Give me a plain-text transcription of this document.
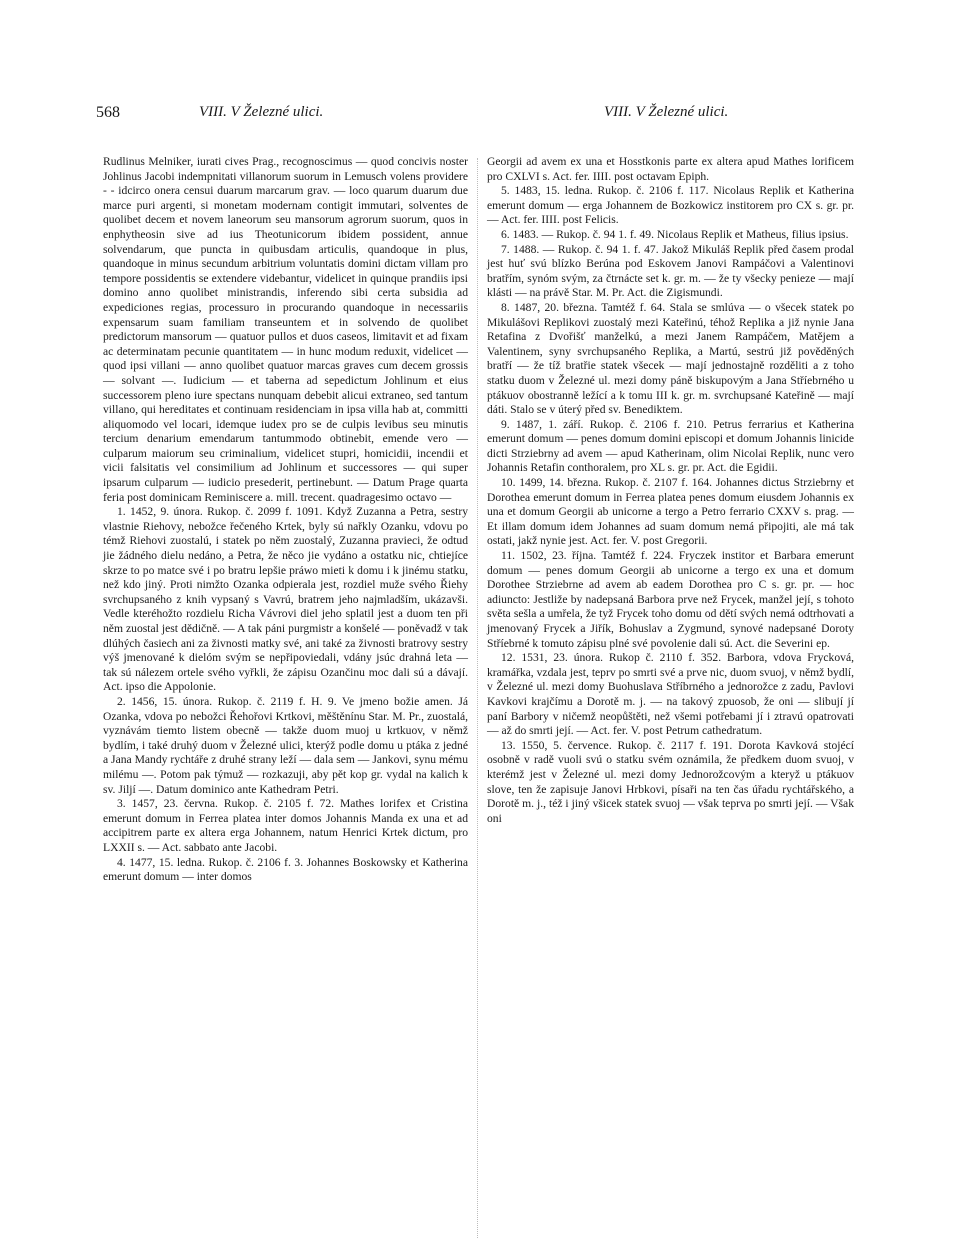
568	VIII. V Železné ulici.	VIII. V Železné ulici.

Rudlinus Melniker, iurati cives Prag., recognoscimus — quod concivis noster Johlinus Jacobi indempnitati villanorum suorum in Lemusch volens providere - - idcirco onera censui duarum marcarum grav. — loco quarum duarum due marce puri argenti, si monetam modernam contigit immutari, solventes de quolibet decem et novem laneorum seu mansorum agrorum suorum, quos in enphytheosin sive ad ius Theotunicorum ibidem possident, annue solvendarum, que puncta in quibusdam articulis, quandoque in plus, quandoque in minus secundum arbitrium voluntatis domini dictam villam pro tempore possidentis se extendere videbantur, videlicet in quinque prandiis ipsi domino anno quolibet ministrandis, inferendo sibi certa subsidia ad expediciones regias, processuro in procurando quandoque in necessariis expensarum suam familiam transeuntem et in solvendo de quolibet predictorum mansorum — quatuor pullos et duos caseos, limitavit et ad fixam ac determinatam pecunie quantitatem — in hunc modum reduxit, videlicet — quod ipsi villani — anno quolibet quatuor marcas graves cum decem grossis — solvant —. Iudicium — et taberna ad sepedictum Johlinum et eius successorem pleno iure spectans nunquam debebit alicui extraneo, sed tantum villano, qui hereditates et continuam residenciam in ipsa villa hab at, committi aliquomodo vel locari, idemque iudex pro se de culpis levibus seu minutis tercium denarium emendarum tantummodo obtinebit, emende vero — culparum maiorum seu criminalium, videlicet stupri, homicidii, incendii et vicii falsitatis vel consimilium ad Johlinum et successores — qui super ipsarum culparum — iudicio presederit, pertinebunt. — Datum Prage quarta feria post dominicam Reminiscere a. mill. trecent. quadragesimo octavo —

1. 1452, 9. února. Rukop. č. 2099 f. 1091. Když Zuzanna a Petra, sestry vlastnie Riehovy, nebožce řečeného Krtek, byly sú nařkly Ozanku, vdovu po témž Riehovi zuostalú, i statek po něm zuostalý, Zuzanna pravieci, že odtud jie žádného dielu nedáno, a Petra, že něco jie vydáno a ostatku nic, chtiejíce skrze to po matce své i po bratru lepšie práwo mieti k domu i k jinému statku, než kdo jiný. Proti nimžto Ozanka odpierala jest, rozdiel muže svého Řiehy svrchupsaného z knih vypsaný s Vavrú, bratrem jeho najmladším, ukázavši. Vedle kteréhožto rozdielu Richa Vávrovi diel jeho splatil jest a duom ten při něm zuostal jest dědičně. — A tak páni purgmistr a konšelé — poněvadž v tak dlúhých časiech ani za živnosti matky své, ani také za živnosti bratrovy sestry výš jmenované k dielóm svým se nepřipoviedali, vdány jsúc drahná leta — tak sú nálezem ortele svého vyřkli, že zápisu Ozančinu moc dali sú a dávají. Act. ipso die Appolonie.

2. 1456, 15. února. Rukop. č. 2119 f. H. 9. Ve jmeno božie amen. Já Ozanka, vdova po nebožci Řehořovi Krtkovi, měštěnínu Star. M. Pr., zuostalá, vyznávám tiemto listem obecně — takže duom muoj u krtkuov, v němž bydlím, i také druhý duom v Železné ulici, kterýž podle domu u ptáka z jedné a Jana Mandy rychtáře z druhé strany leží — dala sem — Jankovi, synu mému milému —. Potom pak týmuž — rozkazuji, aby pět kop gr. vydal na kalich k sv. Jiljí —. Datum dominico ante Kathedram Petri.

3. 1457, 23. června. Rukop. č. 2105 f. 72. Mathes lorifex et Cristina emerunt domum in Ferrea platea inter domos Johannis Manda ex una et ad accipitrem parte ex altera erga Johannem, natum Henrici Krtek dictum, pro LXXII s. — Act. sabbato ante Jacobi.

4. 1477, 15. ledna. Rukop. č. 2106 f. 3. Johannes Boskowsky et Katherina emerunt domum — inter domos

Georgii ad avem ex una et Hosstkonis parte ex altera apud Mathes lorificem pro CXLVI s. Act. fer. IIII. post octavam Epiph.

5. 1483, 15. ledna. Rukop. č. 2106 f. 117. Nicolaus Replik et Katherina emerunt domum — erga Johannem de Bozkowicz institorem pro CX s. gr. pr. — Act. fer. IIII. post Felicis.

6. 1483. — Rukop. č. 94 1. f. 49. Nicolaus Replik et Matheus, filius ipsius.

7. 1488. — Rukop. č. 94 1. f. 47. Jakož Mikuláš Replik před časem prodal jest huť svú blízko Berúna pod Eskovem Janovi Rampáčovi a Valentinovi bratřím, synóm svým, za čtrnácte set k. gr. m. — že ty všecky penieze — mají klásti — na právě Star. M. Pr. Act. die Zigismundi.

8. 1487, 20. března. Tamtéž f. 64. Stala se smlúva — o všecek statek po Mikulášovi Replikovi zuostalý mezi Kateřinú, téhož Replika a již nynie Jana Retafina z Dvořišť manželkú, a mezi Janem Rampáčem, Matějem a Valentinem, syny svrchupsaného Replika, a Martú, sestrú již pověděných bratří — že tíž bratřie statek všecek — mají jednostajně rozděliti a z toho statku duom v Železné ul. mezi domy páně biskupovým a Jana Stříebrného u ptákuov obostranně ležící a k tomu III k. gr. m. svrchupsané Kateřině — mají dáti. Stalo se v úterý před sv. Benediktem.

9. 1487, 1. září. Rukop. č. 2106 f. 210. Petrus ferrarius et Katherina emerunt domum — penes domum domini episcopi et domum Johannis linicide dicti Strziebrny ad avem — apud Katherinam, olim Nicolai Replik, nunc vero Johannis Retafin conthoralem, pro XL s. gr. pr. Act. die Egidii.

10. 1499, 14. března. Rukop. č. 2107 f. 164. Johannes dictus Strziebrny et Dorothea emerunt domum in Ferrea platea penes domum eiusdem Johannis ex una et domum Georgii ab unicorne a tergo a Petro ferrario CXXV s. prag. — Et illam domum idem Johannes ad suam domum nemá připojiti, ale má tak ostati, jakž nynie jest. Act. fer. V. post Gregorii.

11. 1502, 23. října. Tamtéž f. 224. Fryczek institor et Barbara emerunt domum — penes domum Georgii ab unicorne a tergo ex una et domum Dorothee Strziebrne ad avem ab eadem Dorothea pro C s. gr. pr. — hoc adiuncto: Jestliže by nadepsaná Barbora prve než Frycek, manžel její, s tohoto světa sešla a umřela, že tyž Frycek toho domu od dětí svých nemá odtrhovati a jmenovaný Frycek a Jiřík, Bohuslav a Zygmund, synové nadepsané Doroty Stříebrné k tomuto zápisu plné své povolenie dali sú. Act. die Severini ep.

12. 1531, 23. února. Rukop č. 2110 f. 352. Barbora, vdova Frycková, kramářka, vzdala jest, teprv po smrti své a prve nic, duom svuoj, v němž bydlí, v Železné ul. mezi domy Buohuslava Stříbrného a jednorožce z zadu, Pavlovi Kavkovi krajčímu a Dorotě m. j. — na takový zpuosob, že oni — slibují jí paní Barbory v ničemž neopůštěti, než všemi potřebami jí i ztravú opatrovati — až do smrti její. — Act. fer. V. post Petrum cathedratum.

13. 1550, 5. července. Rukop. č. 2117 f. 191. Dorota Kavková stojécí osobně v radě vuoli svú o statku svém oznámila, že předkem duom svuoj, v kterémž jest v Železné ul. mezi domy Jednorožcovým a kteryž u ptákuov slove, ten že zapisuje Janovi Hrbkovi, písaři na ten čas úřadu rychtářského, a Dorotě m. j., též i jiný všicek statek svuoj — však teprva po smrti její. — Však oni
